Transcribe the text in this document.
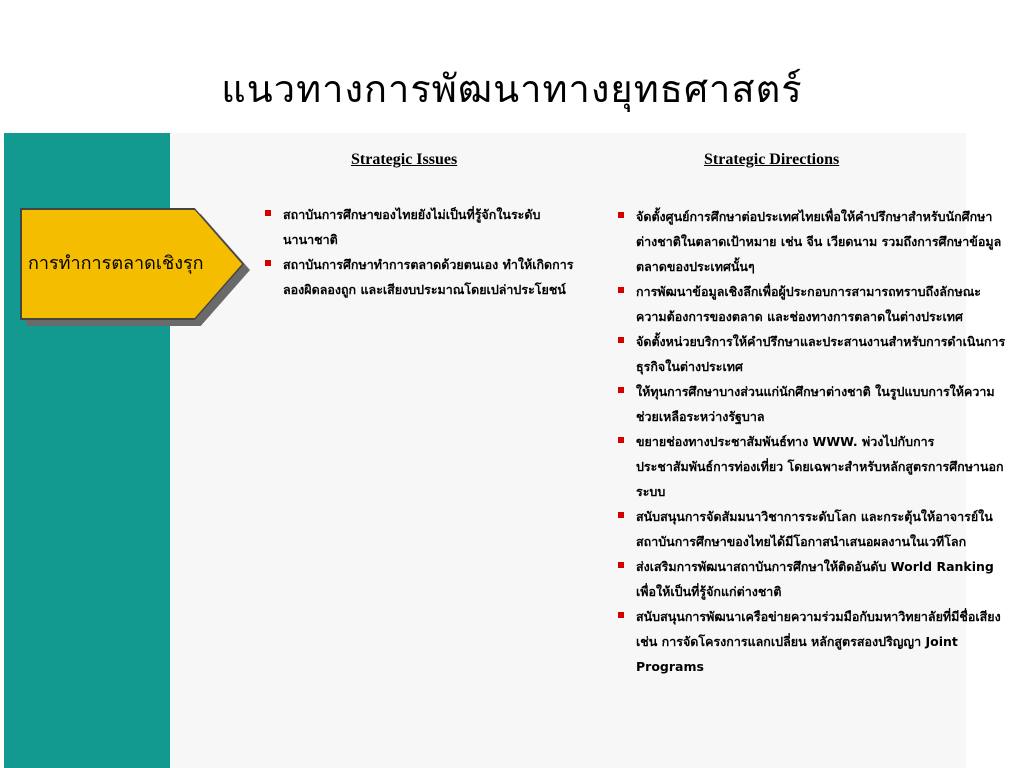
แนวทางการพัฒนาทางยุทธศาสตร์
การทำการตลาดเชิงรุก
Strategic Issues	Strategic Directions
สถาบันการศึกษาของไทยยังไม่เป็นที่รู้จักในระดับนานาชาติ
สถาบันการศึกษาทำการตลาดด้วยตนเอง ทำให้เกิดการลองผิดลองถูก และเสียงบประมาณโดยเปล่าประโยชน์
จัดตั้งศูนย์การศึกษาต่อประเทศไทยเพื่อให้คำปรึกษาสำหรับนักศึกษาต่างชาติในตลาดเป้าหมาย เช่น จีน เวียดนาม รวมถึงการศึกษาข้อมูลตลาดของประเทศนั้นๆ
การพัฒนาข้อมูลเชิงลึกเพื่อผู้ประกอบการสามารถทราบถึงลักษณะความต้องการของตลาด และช่องทางการตลาดในต่างประเทศ
จัดตั้งหน่วยบริการให้คำปรึกษาและประสานงานสำหรับการดำเนินการธุรกิจในต่างประเทศ
ให้ทุนการศึกษาบางส่วนแก่นักศึกษาต่างชาติ ในรูปแบบการให้ความช่วยเหลือระหว่างรัฐบาล
ขยายช่องทางประชาสัมพันธ์ทาง WWW. พ่วงไปกับการประชาสัมพันธ์การท่องเที่ยว โดยเฉพาะสำหรับหลักสูตรการศึกษานอกระบบ
สนับสนุนการจัดสัมมนาวิชาการระดับโลก และกระตุ้นให้อาจารย์ในสถาบันการศึกษาของไทยได้มีโอกาสนำเสนอผลงานในเวทีโลก
ส่งเสริมการพัฒนาสถาบันการศึกษาให้ติดอันดับ World Ranking เพื่อให้เป็นที่รู้จักแก่ต่างชาติ
สนับสนุนการพัฒนาเครือข่ายความร่วมมือกับมหาวิทยาลัยที่มีชื่อเสียง เช่น การจัดโครงการแลกเปลี่ยน หลักสูตรสองปริญญา Joint Programs
